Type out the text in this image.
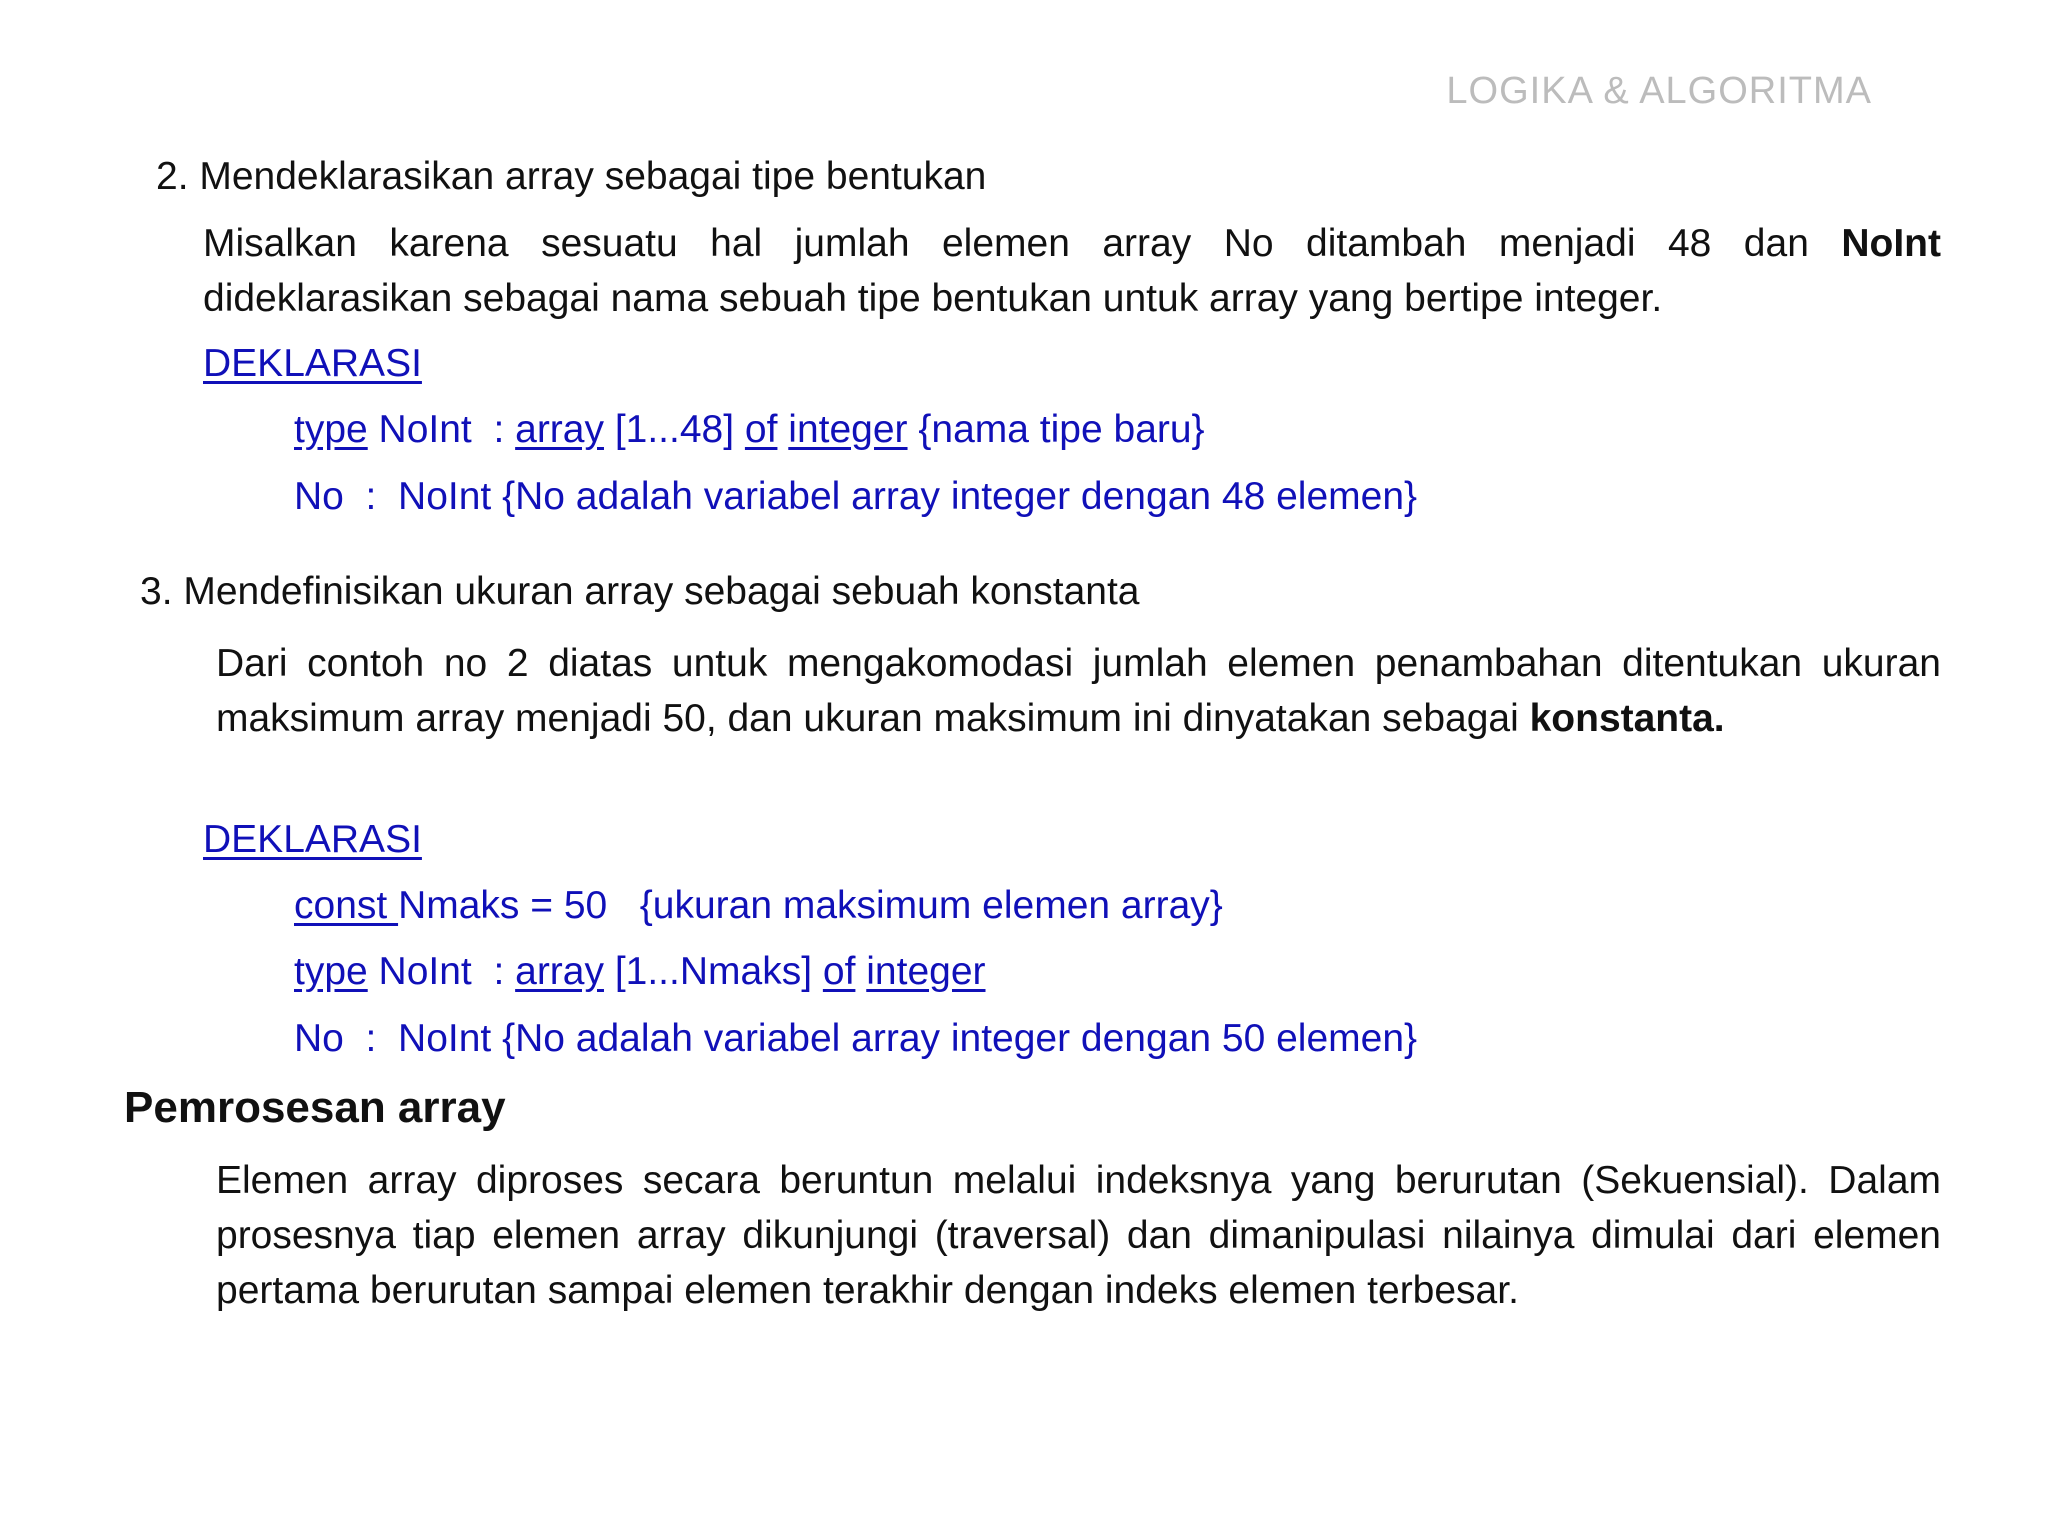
LOGIKA & ALGORITMA
2. Mendeklarasikan array sebagai tipe bentukan
Misalkan karena sesuatu hal jumlah elemen array No ditambah menjadi 48 dan NoInt dideklarasikan sebagai nama sebuah tipe bentukan untuk array yang bertipe integer.
DEKLARASI
type NoInt  : array [1...48] of integer {nama tipe baru}
No  :  NoInt {No adalah variabel array integer dengan 48 elemen}
3. Mendefinisikan ukuran array sebagai sebuah konstanta
Dari contoh no 2 diatas untuk mengakomodasi jumlah elemen penambahan ditentukan ukuran maksimum array menjadi 50, dan ukuran maksimum ini dinyatakan sebagai konstanta.
DEKLARASI
const Nmaks = 50   {ukuran maksimum elemen array}
type NoInt  : array [1...Nmaks] of integer
No  :  NoInt {No adalah variabel array integer dengan 50 elemen}
Pemrosesan array
Elemen array diproses secara beruntun melalui indeksnya yang berurutan (Sekuensial). Dalam prosesnya tiap elemen array dikunjungi (traversal) dan dimanipulasi nilainya dimulai dari elemen pertama berurutan sampai elemen terakhir dengan indeks elemen terbesar.
